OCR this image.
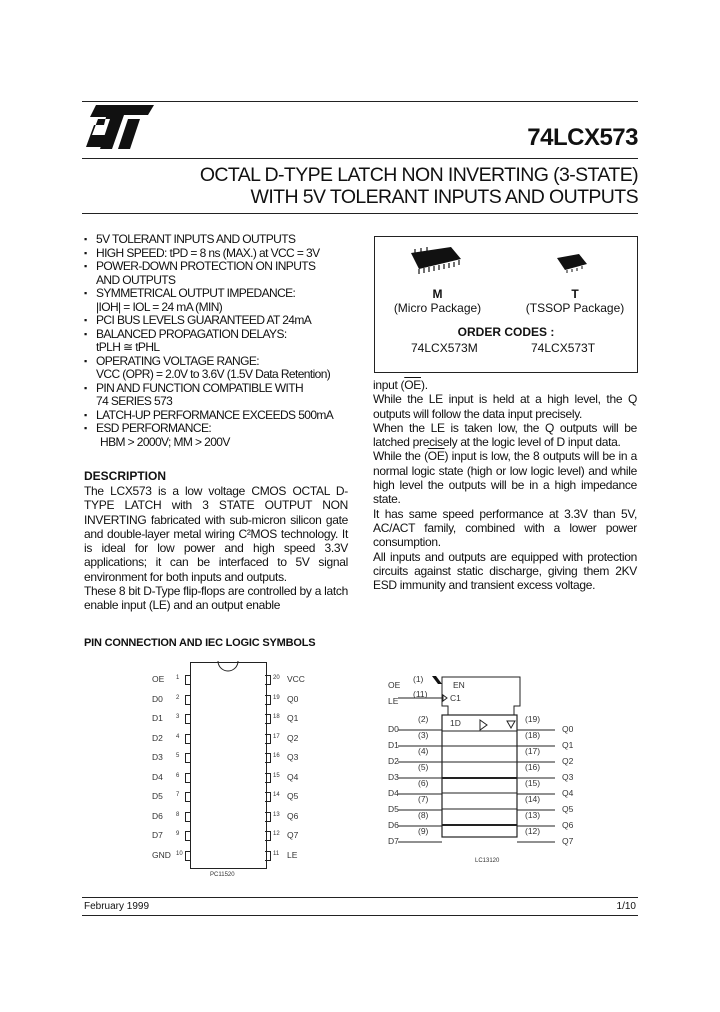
74LCX573
OCTAL D-TYPE LATCH NON INVERTING (3-STATE)
WITH 5V TOLERANT INPUTS AND OUTPUTS
▪ 5V TOLERANT INPUTS AND OUTPUTS
▪ HIGH SPEED: tPD = 8 ns (MAX.) at VCC = 3V
▪ POWER-DOWN PROTECTION ON INPUTS
AND OUTPUTS
▪ SYMMETRICAL OUTPUT IMPEDANCE:
|IOH| = IOL = 24 mA (MIN)
▪ PCI BUS LEVELS GUARANTEED AT 24mA
▪ BALANCED PROPAGATION DELAYS:
tPLH ≅ tPHL
▪ OPERATING VOLTAGE RANGE:
VCC (OPR) = 2.0V to 3.6V (1.5V Data Retention)
▪ PIN AND FUNCTION COMPATIBLE WITH
74 SERIES 573
▪ LATCH-UP PERFORMANCE EXCEEDS 500mA
▪ ESD PERFORMANCE:
HBM > 2000V; MM > 200V
M
(Micro Package)
T
(TSSOP Package)
ORDER CODES :
74LCX573M	74LCX573T
DESCRIPTION

The LCX573 is a low voltage CMOS OCTAL D-TYPE LATCH with 3 STATE OUTPUT NON INVERTING fabricated with sub-micron silicon gate and double-layer metal wiring C²MOS technology. It is ideal for low power and high speed 3.3V applications; it can be interfaced to 5V signal environment for both inputs and outputs.

These 8 bit D-Type flip-flops are controlled by a latch enable input (LE) and an output enable

input $(\overline{OE})$.

While the LE input is held at a high level, the Q outputs will follow the data input precisely.

When the LE is taken low, the Q outputs will be latched precisely at the logic level of D input data.

While the $(\overline{OE})$ input is low, the 8 outputs will be in a normal logic state (high or low logic level) and while high level the outputs will be in a high impedance state.

It has same speed performance at 3.3V than 5V, AC/ACT family, combined with a lower power consumption.

All inputs and outputs are equipped with protection circuits against static discharge, giving them 2KV ESD immunity and transient excess voltage.

PIN CONNECTION AND IEC LOGIC SYMBOLS
OE 1	20 VCC
D0 2	19 Q0
D1 3	18 Q1
D2 4	17 Q2
D3 5	16 Q3
D4 6	15 Q4
D5 7	14 Q5
D6 8	13 Q6
D7 9	12 Q7
GND 10	11 LE
PC11520
OE
(1)
LE
(11)
EN
C1
1D
LC13120
D0
(2)	(19)
Q0
D1
(3)	(18)
Q1
D2
(4)	(17)
Q2
D3
(5)	(16)
Q3
D4
(6)	(15)
Q4
D5
(7)	(14)
Q5
D6
(8)	(13)
Q6
D7
(9)	(12)
Q7
February 1999	1/10
